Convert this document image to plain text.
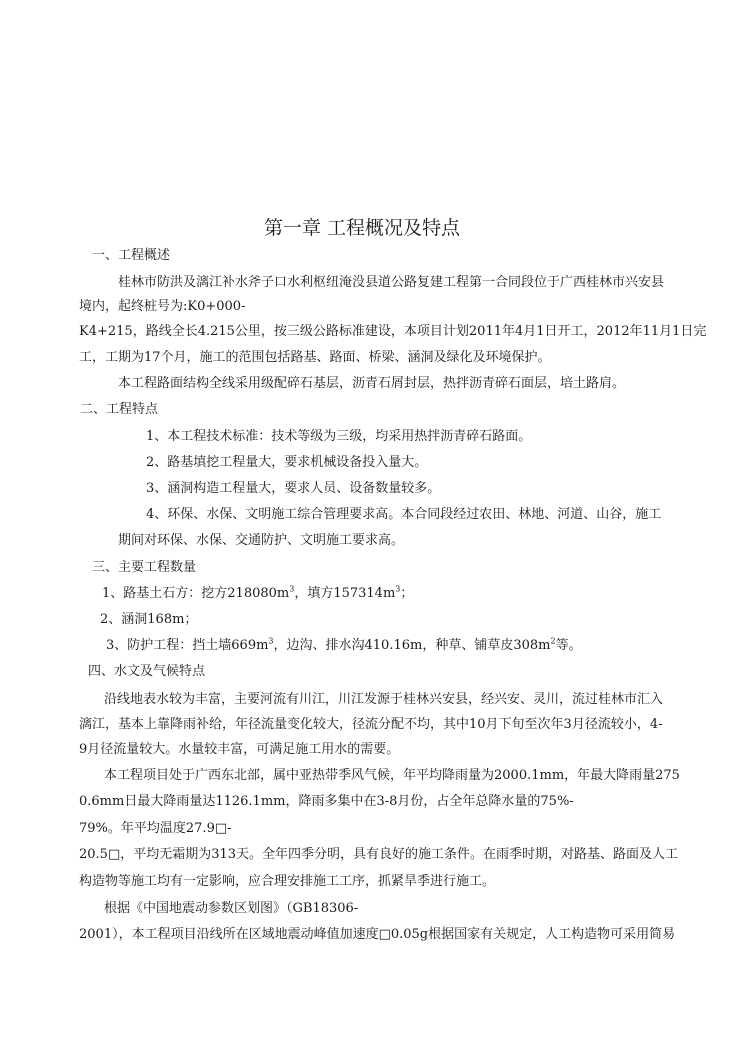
第一章 工程概况及特点
一、工程概述
桂林市防洪及漓江补水斧子口水利枢纽淹没县道公路复建工程第一合同段位于广西桂林市兴安县
境内，起终桩号为:K0+000-
K4+215，路线全长4.215公里，按三级公路标准建设，本项目计划2011年4月1日开工，2012年11月1日完
工，工期为17个月，施工的范围包括路基、路面、桥梁、涵洞及绿化及环境保护。
本工程路面结构全线采用级配碎石基层，沥青石屑封层，热拌沥青碎石面层，培土路肩。
二、工程特点
1、本工程技术标准：技术等级为三级，均采用热拌沥青碎石路面。
2、路基填挖工程量大，要求机械设备投入量大。
3、涵洞构造工程量大，要求人员、设备数量较多。
4、环保、水保、文明施工综合管理要求高。本合同段经过农田、林地、河道、山谷，施工
期间对环保、水保、交通防护、文明施工要求高。
三、主要工程数量
1、路基土石方：挖方$218080m^3$，填方$157314m^3$；
2、涵洞168m；
3、防护工程：挡土墙$669m^3$，边沟、排水沟410.16m，种草、铺草皮$308m^2$等。
四、水文及气候特点
沿线地表水较为丰富，主要河流有川江，川江发源于桂林兴安县，经兴安、灵川，流过桂林市汇入
漓江，基本上靠降雨补给，年径流量变化较大，径流分配不均，其中10月下旬至次年3月径流较小，4-
9月径流量较大。水量较丰富，可满足施工用水的需要。
本工程项目处于广西东北部，属中亚热带季风气候，年平均降雨量为2000.1mm，年最大降雨量275
0.6mm日最大降雨量达1126.1mm，降雨多集中在3-8月份，占全年总降水量的75%-
79%。年平均温度27.9□-
20.5□，平均无霜期为313天。全年四季分明，具有良好的施工条件。在雨季时期，对路基、路面及人工
构造物等施工均有一定影响，应合理安排施工工序，抓紧旱季进行施工。
根据《中国地震动参数区划图》（GB18306-
2001），本工程项目沿线所在区域地震动峰值加速度□0.05g根据国家有关规定，人工构造物可采用简易
